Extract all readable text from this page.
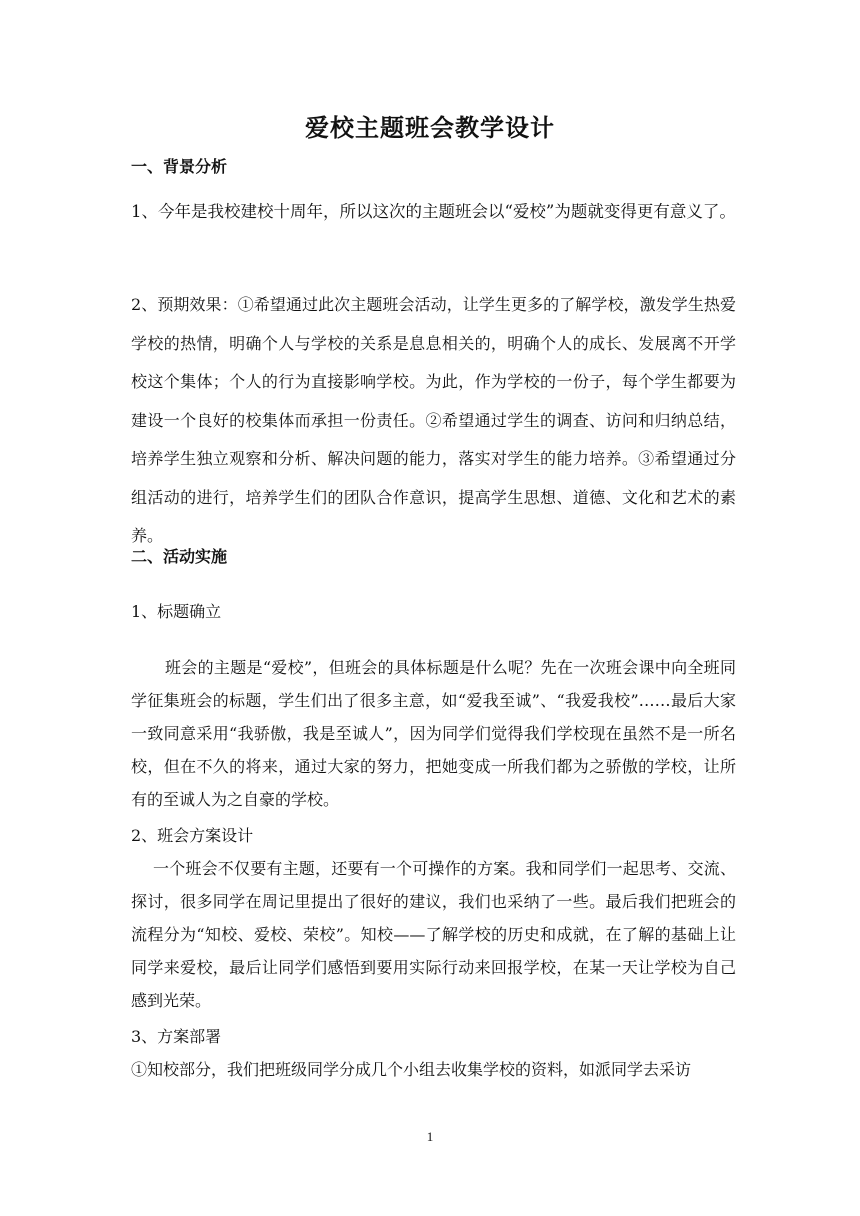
爱校主题班会教学设计
一、背景分析

1、今年是我校建校十周年，所以这次的主题班会以“爱校”为题就变得更有意义了。

2、预期效果：①希望通过此次主题班会活动，让学生更多的了解学校，激发学生热爱学校的热情，明确个人与学校的关系是息息相关的，明确个人的成长、发展离不开学校这个集体；个人的行为直接影响学校。为此，作为学校的一份子，每个学生都要为建设一个良好的校集体而承担一份责任。②希望通过学生的调查、访问和归纳总结，培养学生独立观察和分析、解决问题的能力，落实对学生的能力培养。③希望通过分组活动的进行，培养学生们的团队合作意识，提高学生思想、道德、文化和艺术的素养。

二、活动实施

1、标题确立

班会的主题是“爱校”，但班会的具体标题是什么呢？先在一次班会课中向全班同学征集班会的标题，学生们出了很多主意，如“爱我至诚”、“我爱我校”……最后大家一致同意采用“我骄傲，我是至诚人”，因为同学们觉得我们学校现在虽然不是一所名校，但在不久的将来，通过大家的努力，把她变成一所我们都为之骄傲的学校，让所有的至诚人为之自豪的学校。

2、班会方案设计

一个班会不仅要有主题，还要有一个可操作的方案。我和同学们一起思考、交流、探讨，很多同学在周记里提出了很好的建议，我们也采纳了一些。最后我们把班会的流程分为“知校、爱校、荣校”。知校——了解学校的历史和成就，在了解的基础上让同学来爱校，最后让同学们感悟到要用实际行动来回报学校，在某一天让学校为自己感到光荣。

3、方案部署

①知校部分，我们把班级同学分成几个小组去收集学校的资料，如派同学去采访

1
